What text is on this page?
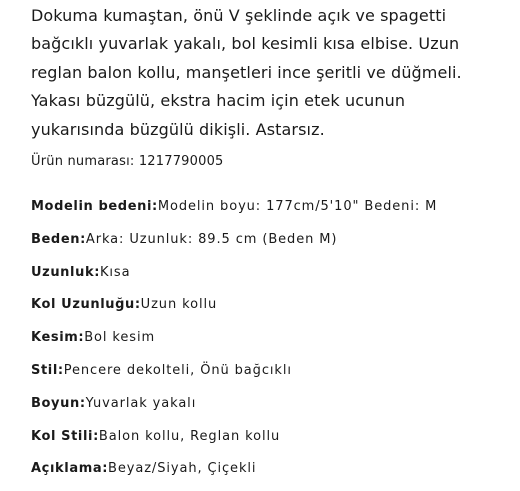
Dokuma kumaştan, önü V şeklinde açık ve spagetti
bağcıklı yuvarlak yakalı, bol kesimli kısa elbise. Uzun
reglan balon kollu, manşetleri ince şeritli ve düğmeli.
Yakası büzgülü, ekstra hacim için etek ucunun
yukarısında büzgülü dikişli. Astarsız.

Ürün numarası: 1217790005
Modelin bedeni:Modelin boyu: 177cm/5'10" Bedeni: M
Beden:Arka: Uzunluk: 89.5 cm (Beden M)
Uzunluk:Kısa
Kol Uzunluğu:Uzun kollu
Kesim:Bol kesim
Stil:Pencere dekolteli, Önü bağcıklı
Boyun:Yuvarlak yakalı
Kol Stili:Balon kollu, Reglan kollu
Açıklama:Beyaz/Siyah, Çiçekli
